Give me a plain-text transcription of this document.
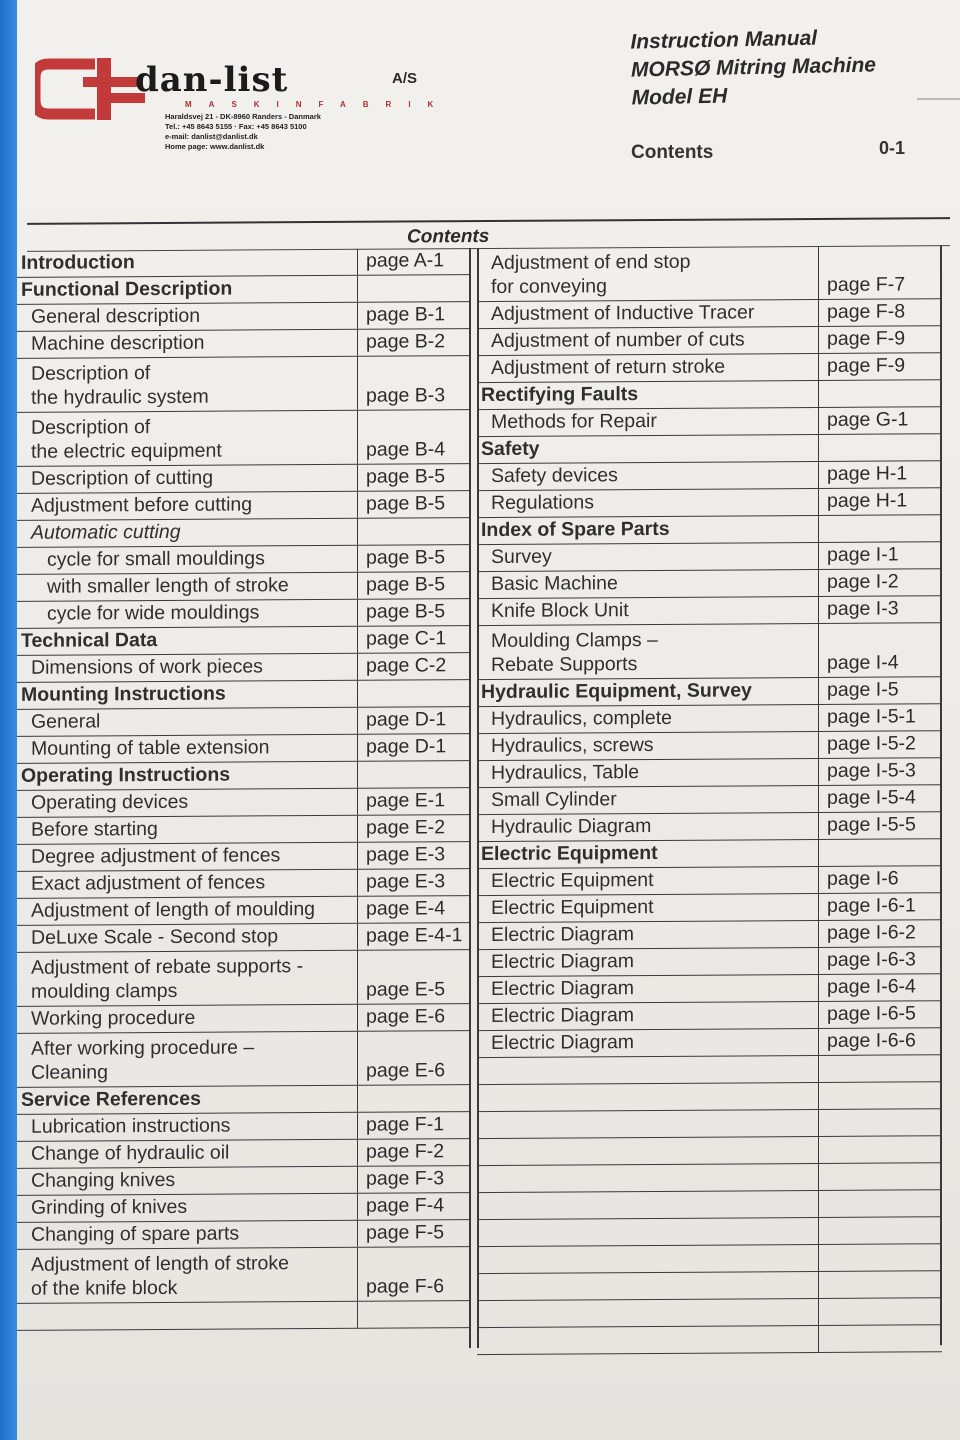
dan-list	A/S
MASKINFABRIK
Haraldsvej 21 - DK-8960 Randers - Danmark
Tel.: +45 8643 5155 · Fax: +45 8643 5100
e-mail: danlist@danlist.dk
Home page: www.danlist.dk
Instruction Manual
MORSØ Mitring Machine
Model EH
Contents	0-1
Contents
Introduction	page A-1
Functional Description
General description	page B-1
Machine description	page B-2
Description of
the hydraulic system	page B-3
Description of
the electric equipment	page B-4
Description of cutting	page B-5
Adjustment before cutting	page B-5
Automatic cutting
cycle for small mouldings	page B-5
with smaller length of stroke	page B-5
cycle for wide mouldings	page B-5
Technical Data	page C-1
Dimensions of work pieces	page C-2
Mounting Instructions
General	page D-1
Mounting of table extension	page D-1
Operating Instructions
Operating devices	page E-1
Before starting	page E-2
Degree adjustment of fences	page E-3
Exact adjustment of fences	page E-3
Adjustment of length of moulding	page E-4
DeLuxe Scale - Second stop	page E-4-1
Adjustment of rebate supports -
moulding clamps	page E-5
Working procedure	page E-6
After working procedure –
Cleaning	page E-6
Service References
Lubrication instructions	page F-1
Change of hydraulic oil	page F-2
Changing knives	page F-3
Grinding of knives	page F-4
Changing of spare parts	page F-5
Adjustment of length of stroke
of the knife block	page F-6
Adjustment of end stop
for conveying	page F-7
Adjustment of Inductive Tracer	page F-8
Adjustment of number of cuts	page F-9
Adjustment of return stroke	page F-9
Rectifying Faults
Methods for Repair	page G-1
Safety
Safety devices	page H-1
Regulations	page H-1
Index of Spare Parts
Survey	page I-1
Basic Machine	page I-2
Knife Block Unit	page I-3
Moulding Clamps –
Rebate Supports	page I-4
Hydraulic Equipment, Survey	page I-5
Hydraulics, complete	page I-5-1
Hydraulics, screws	page I-5-2
Hydraulics, Table	page I-5-3
Small Cylinder	page I-5-4
Hydraulic Diagram	page I-5-5
Electric Equipment
Electric Equipment	page I-6
Electric Equipment	page I-6-1
Electric Diagram	page I-6-2
Electric Diagram	page I-6-3
Electric Diagram	page I-6-4
Electric Diagram	page I-6-5
Electric Diagram	page I-6-6
